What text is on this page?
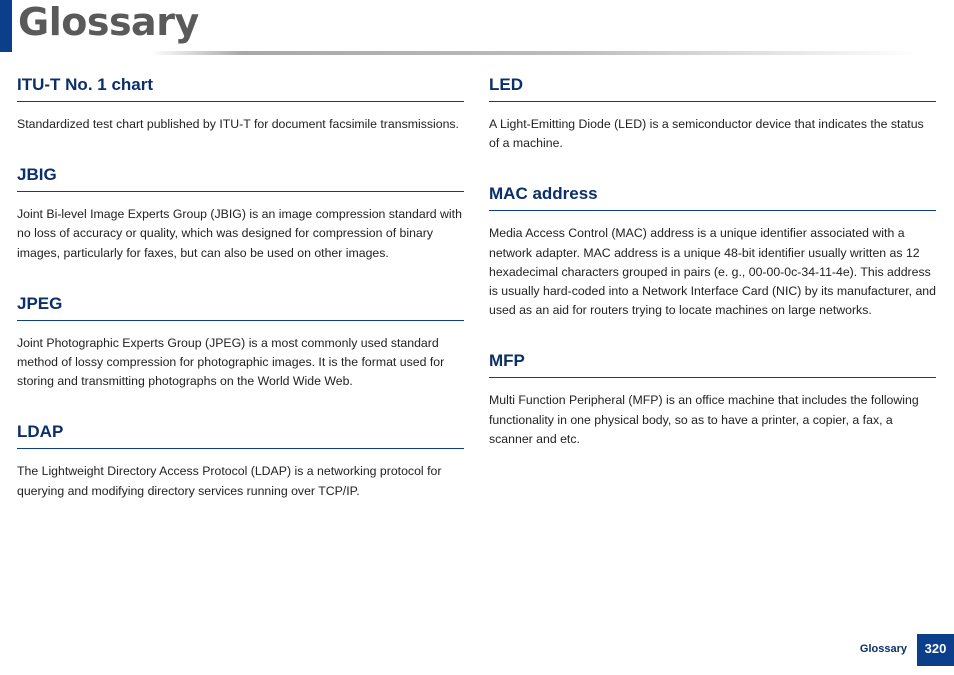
Glossary
ITU-T No. 1 chart

Standardized test chart published by ITU-T for document facsimile transmissions.

JBIG

Joint Bi-level Image Experts Group (JBIG) is an image compression standard with no loss of accuracy or quality, which was designed for compression of binary images, particularly for faxes, but can also be used on other images.

JPEG

Joint Photographic Experts Group (JPEG) is a most commonly used standard method of lossy compression for photographic images. It is the format used for storing and transmitting photographs on the World Wide Web.

LDAP

The Lightweight Directory Access Protocol (LDAP) is a networking protocol for querying and modifying directory services running over TCP/IP.

LED

A Light-Emitting Diode (LED) is a semiconductor device that indicates the status of a machine.

MAC address

Media Access Control (MAC) address is a unique identifier associated with a network adapter. MAC address is a unique 48-bit identifier usually written as 12 hexadecimal characters grouped in pairs (e. g., 00-00-0c-34-11-4e). This address is usually hard-coded into a Network Interface Card (NIC) by its manufacturer, and used as an aid for routers trying to locate machines on large networks.

MFP

Multi Function Peripheral (MFP) is an office machine that includes the following functionality in one physical body, so as to have a printer, a copier, a fax, a scanner and etc.

Glossary	320
